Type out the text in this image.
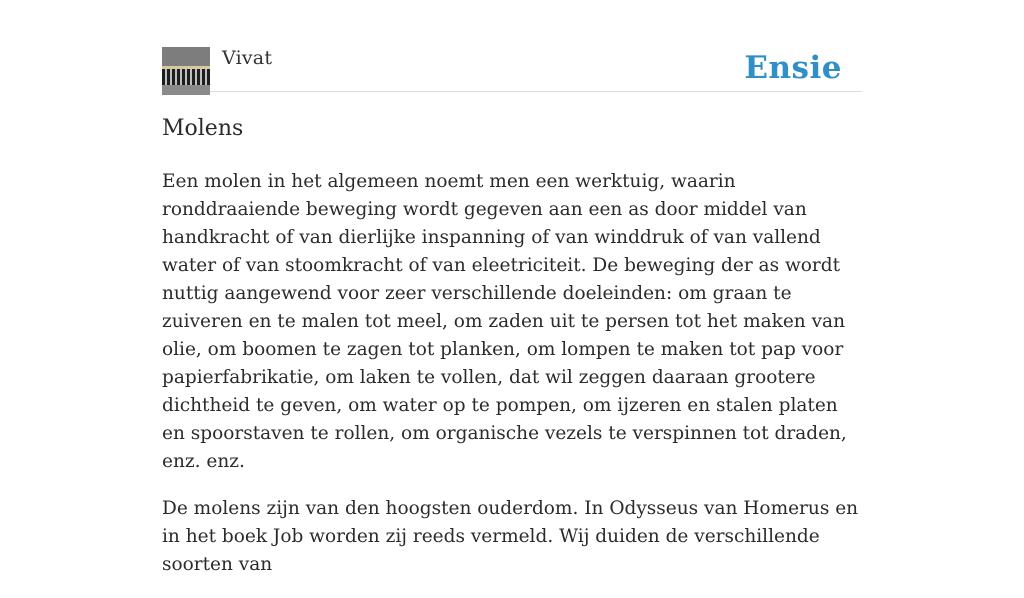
Vivat	Ensie
Molens

Een molen in het algemeen noemt men een werktuig, waarin ronddraaiende beweging wordt gegeven aan een as door middel van handkracht of van dierlijke inspanning of van winddruk of van vallend water of van stoomkracht of van eleetriciteit. De beweging der as wordt nuttig aangewend voor zeer verschillende doeleinden: om graan te zuiveren en te malen tot meel, om zaden uit te persen tot het maken van olie, om boomen te zagen tot planken, om lompen te maken tot pap voor papierfabrikatie, om laken te vollen, dat wil zeggen daaraan grootere dichtheid te geven, om water op te pompen, om ijzeren en stalen platen en spoorstaven te rollen, om organische vezels te verspinnen tot draden, enz. enz.

De molens zijn van den hoogsten ouderdom. In Odysseus van Homerus en in het boek Job worden zij reeds vermeld. Wij duiden de verschillende soorten van
